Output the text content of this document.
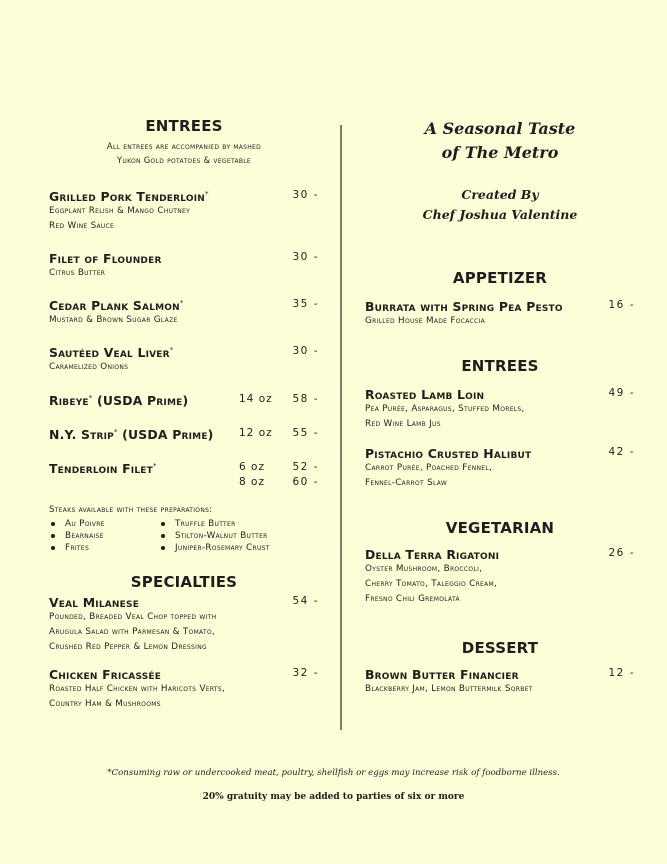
ENTREES
All entrees are accompanied by mashed
Yukon Gold potatoes & vegetable
Grilled Pork Tenderloin*	30 -
Eggplant Relish & Mango Chutney
Red Wine Sauce
Filet of Flounder	30 -
Citrus Butter
Cedar Plank Salmon*	35 -
Mustard & Brown Sugar Glaze
Sautéed Veal Liver*	30 -
Caramelized Onions
Ribeye* (USDA Prime)	14 oz 58 -
N.Y. Strip* (USDA Prime)	12 oz 55 -
Tenderloin Filet*	6 oz	52 -
8 oz	60 -
Steaks available with these preparations:
Au Poivre	Truffle Butter
Bearnaise	Stilton-Walnut Butter
Frites	Juniper-Rosemary Crust
SPECIALTIES
Veal Milanese	54 -
Pounded, Breaded Veal Chop topped with
Arugula Salad with Parmesan & Tomato,
Crushed Red Pepper & Lemon Dressing
Chicken Fricassée	32 -
Roasted Half Chicken with Haricots Verts,
Country Ham & Mushrooms
A Seasonal Taste
of The Metro
Created By
Chef Joshua Valentine
APPETIZER
Burrata with Spring Pea Pesto	16 -
Grilled House Made Focaccia
ENTREES
Roasted Lamb Loin	49 -
Pea Purée, Asparagus, Stuffed Morels,
Red Wine Lamb Jus
Pistachio Crusted Halibut	42 -
Carrot Purée, Poached Fennel,
Fennel-Carrot Slaw
VEGETARIAN
Della Terra Rigatoni	26 -
Oyster Mushroom, Broccoli,
Cherry Tomato, Taleggio Cream,
Fresno Chili Gremolata
DESSERT
Brown Butter Financier	12 -
Blackberry Jam, Lemon Buttermilk Sorbet
*Consuming raw or undercooked meat, poultry, shellfish or eggs may increase risk of foodborne illness.
20% gratuity may be added to parties of six or more
